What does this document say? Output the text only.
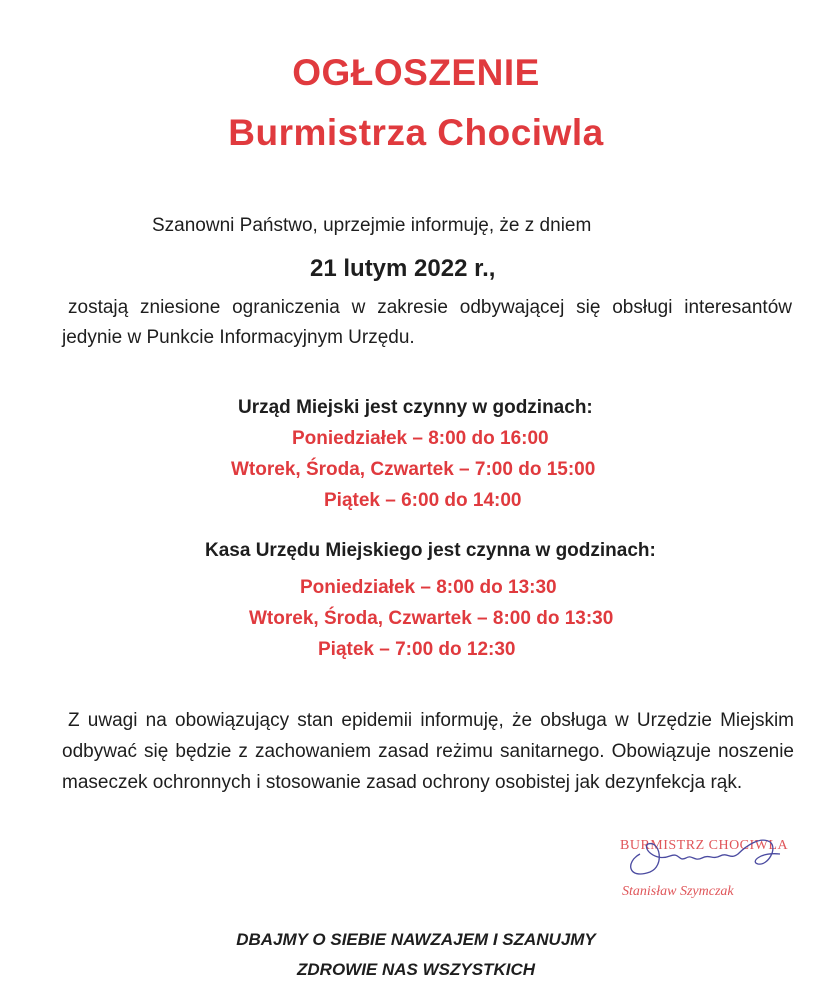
OGŁOSZENIE
Burmistrza Chociwla
Szanowni Państwo, uprzejmie informuję, że z dniem
21 lutym 2022 r.,
zostają zniesione ograniczenia w zakresie odbywającej się obsługi interesantów jedynie w Punkcie Informacyjnym Urzędu.
Urząd Miejski jest czynny w godzinach:
Poniedziałek – 8:00 do 16:00
Wtorek, Środa, Czwartek – 7:00 do 15:00
Piątek – 6:00 do 14:00
Kasa Urzędu Miejskiego jest czynna w godzinach:
Poniedziałek – 8:00 do 13:30
Wtorek, Środa, Czwartek – 8:00 do 13:30
Piątek – 7:00 do 12:30
Z uwagi na obowiązujący stan epidemii informuję, że obsługa w Urzędzie Miejskim odbywać się będzie z zachowaniem zasad reżimu sanitarnego. Obowiązuje noszenie maseczek ochronnych i stosowanie zasad ochrony osobistej jak dezynfekcja rąk.
BURMISTRZ CHOCIWLA
Stanisław Szymczak
DBAJMY O SIEBIE NAWZAJEM I SZANUJMY
ZDROWIE NAS WSZYSTKICH
